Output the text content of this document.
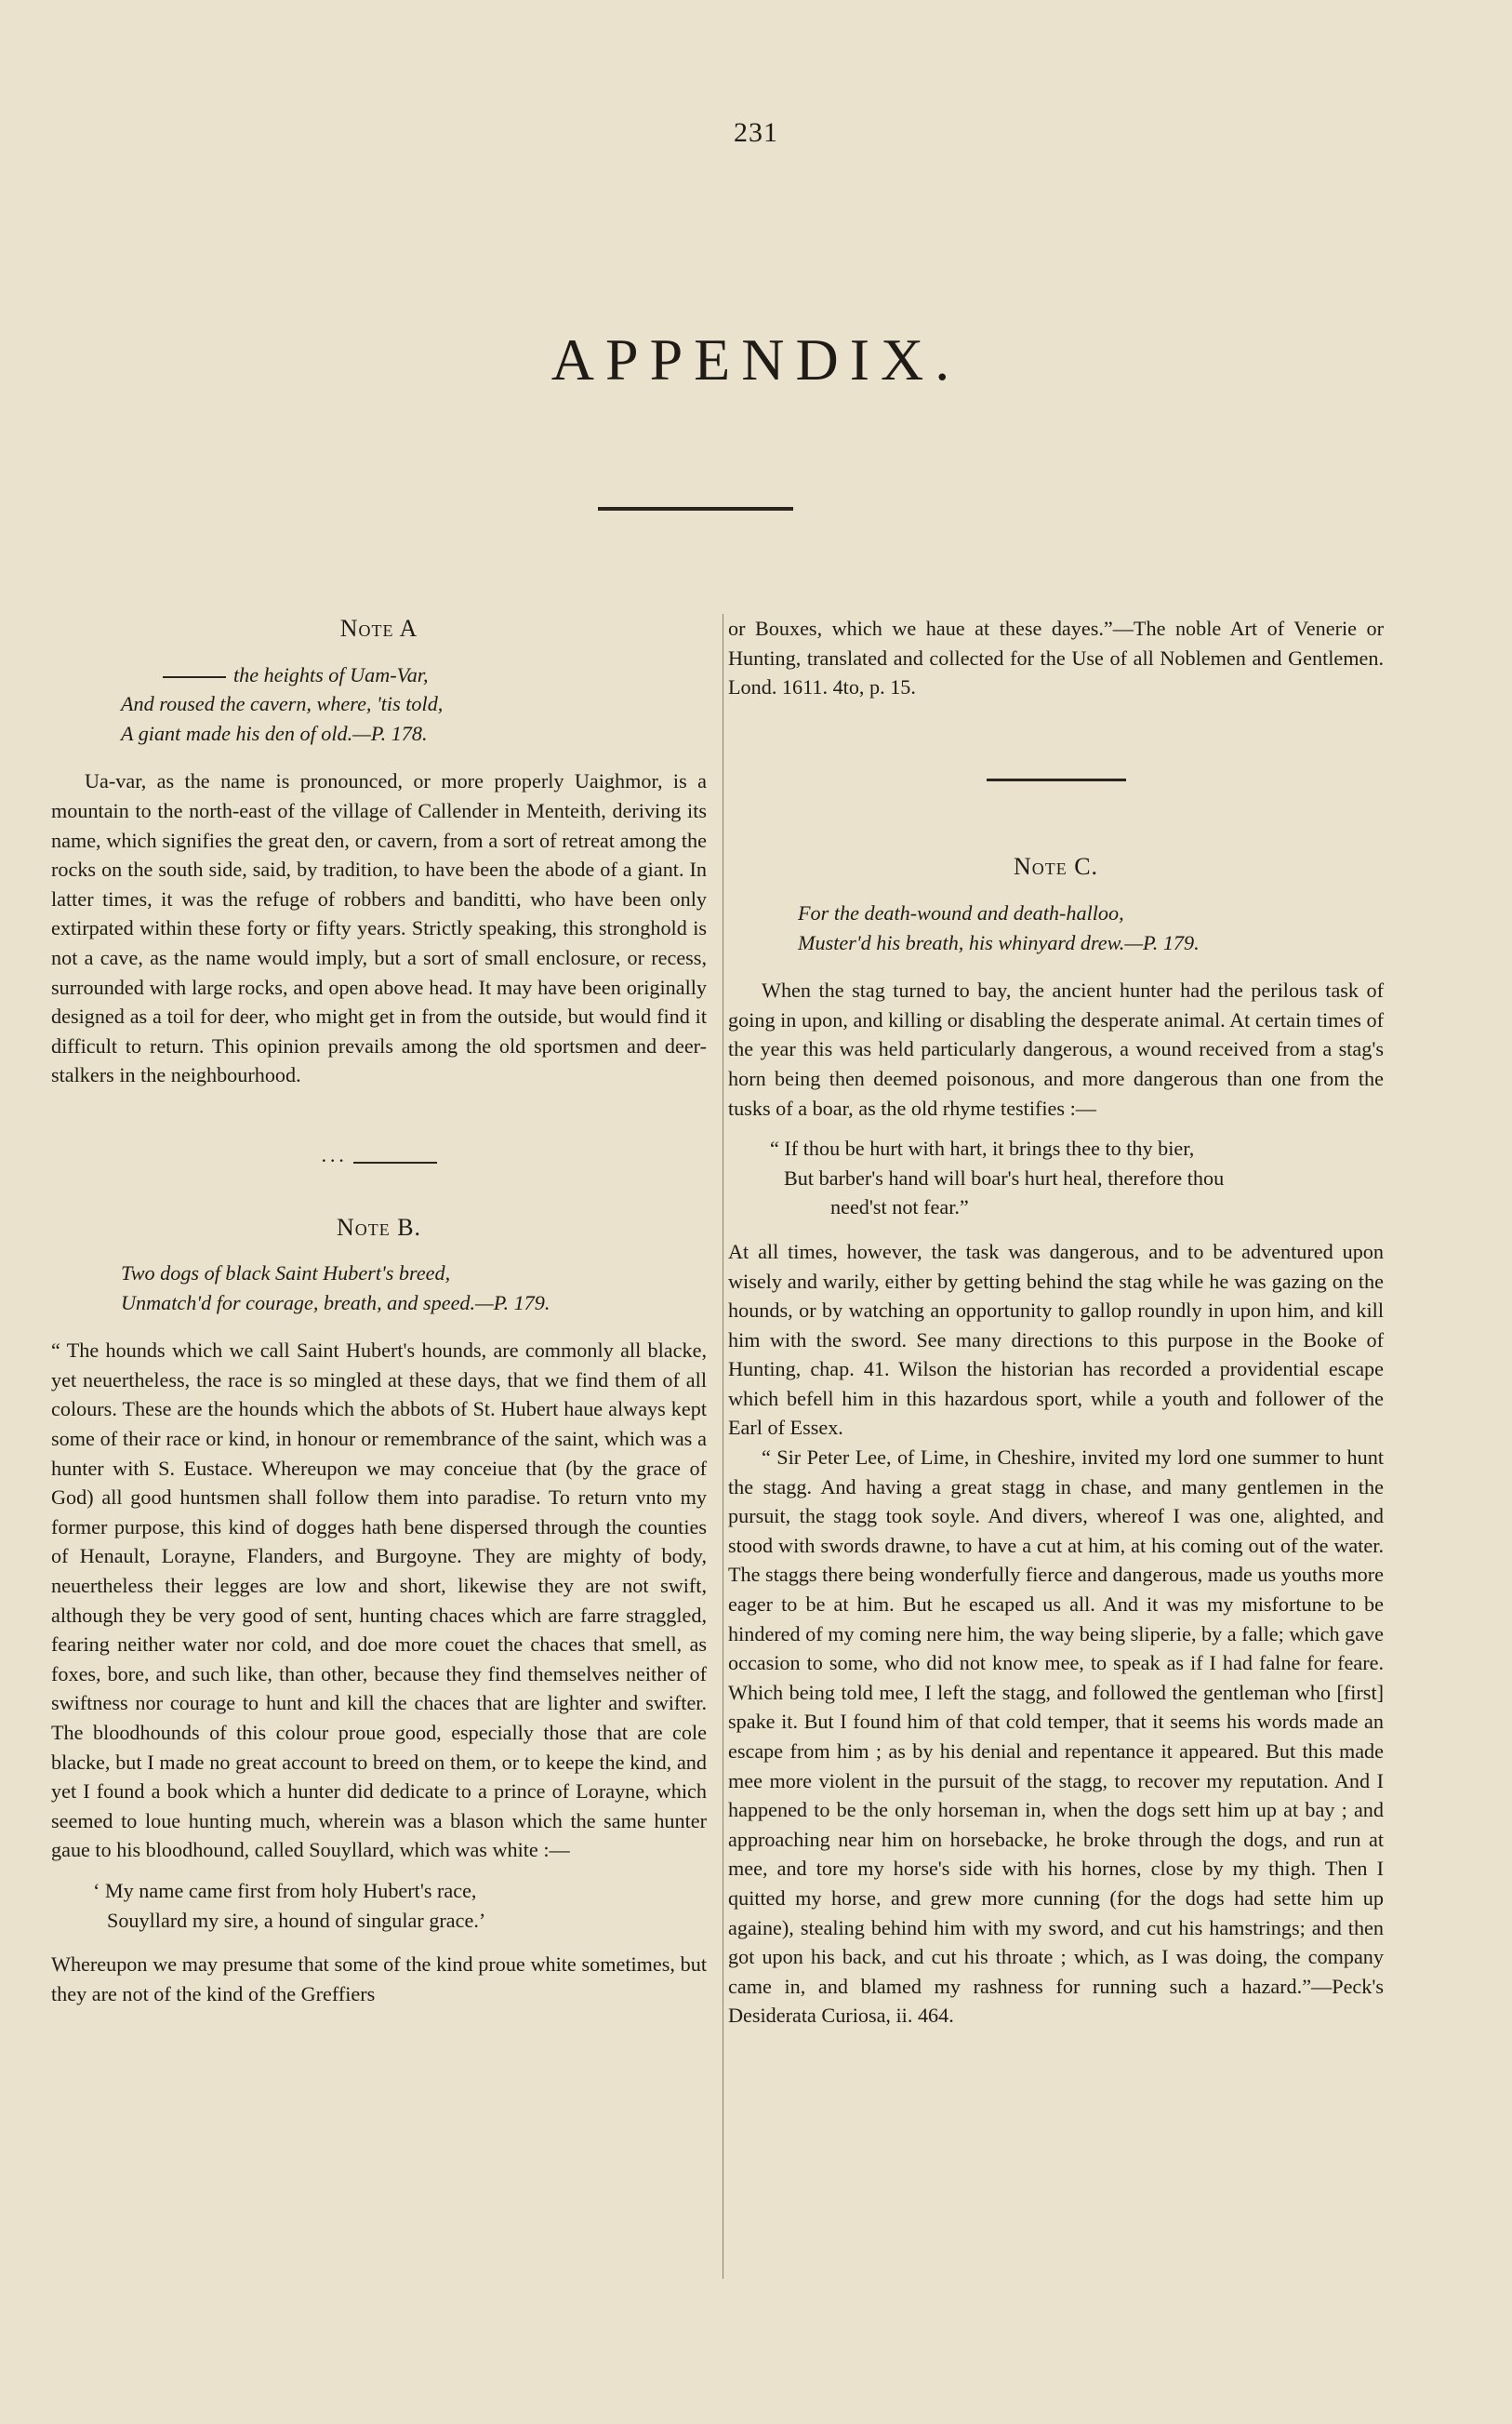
231
APPENDIX.
Note A
the heights of Uam-Var,
And roused the cavern, where, 'tis told,
A giant made his den of old.—P. 178.

Ua-var, as the name is pronounced, or more properly Uaighmor, is a mountain to the north-east of the village of Callender in Menteith, deriving its name, which signifies the great den, or cavern, from a sort of retreat among the rocks on the south side, said, by tradition, to have been the abode of a giant. In latter times, it was the refuge of robbers and banditti, who have been only extirpated within these forty or fifty years. Strictly speaking, this stronghold is not a cave, as the name would imply, but a sort of small enclosure, or recess, surrounded with large rocks, and open above head. It may have been originally designed as a toil for deer, who might get in from the outside, but would find it difficult to return. This opinion prevails among the old sportsmen and deer-stalkers in the neighbourhood.

···
Note B.
Two dogs of black Saint Hubert's breed,
Unmatch'd for courage, breath, and speed.—P. 179.

“ The hounds which we call Saint Hubert's hounds, are commonly all blacke, yet neuertheless, the race is so mingled at these days, that we find them of all colours. These are the hounds which the abbots of St. Hubert haue always kept some of their race or kind, in honour or remembrance of the saint, which was a hunter with S. Eustace. Whereupon we may conceiue that (by the grace of God) all good huntsmen shall follow them into paradise. To return vnto my former purpose, this kind of dogges hath bene dispersed through the counties of Henault, Lorayne, Flanders, and Burgoyne. They are mighty of body, neuertheless their legges are low and short, likewise they are not swift, although they be very good of sent, hunting chaces which are farre straggled, fearing neither water nor cold, and doe more couet the chaces that smell, as foxes, bore, and such like, than other, because they find themselves neither of swiftness nor courage to hunt and kill the chaces that are lighter and swifter. The bloodhounds of this colour proue good, especially those that are cole blacke, but I made no great account to breed on them, or to keepe the kind, and yet I found a book which a hunter did dedicate to a prince of Lorayne, which seemed to loue hunting much, wherein was a blason which the same hunter gaue to his bloodhound, called Souyllard, which was white :—

‘ My name came first from holy Hubert's race,
Souyllard my sire, a hound of singular grace.’

Whereupon we may presume that some of the kind proue white sometimes, but they are not of the kind of the Greffiers

or Bouxes, which we haue at these dayes.”—The noble Art of Venerie or Hunting, translated and collected for the Use of all Noblemen and Gentlemen. Lond. 1611. 4to, p. 15.

Note C.
For the death-wound and death-halloo,
Muster'd his breath, his whinyard drew.—P. 179.

When the stag turned to bay, the ancient hunter had the perilous task of going in upon, and killing or disabling the desperate animal. At certain times of the year this was held particularly dangerous, a wound received from a stag's horn being then deemed poisonous, and more dangerous than one from the tusks of a boar, as the old rhyme testifies :—

“ If thou be hurt with hart, it brings thee to thy bier,
But barber's hand will boar's hurt heal, therefore thou
need'st not fear.”

At all times, however, the task was dangerous, and to be adventured upon wisely and warily, either by getting behind the stag while he was gazing on the hounds, or by watching an opportunity to gallop roundly in upon him, and kill him with the sword. See many directions to this purpose in the Booke of Hunting, chap. 41. Wilson the historian has recorded a providential escape which befell him in this hazardous sport, while a youth and follower of the Earl of Essex.

“ Sir Peter Lee, of Lime, in Cheshire, invited my lord one summer to hunt the stagg. And having a great stagg in chase, and many gentlemen in the pursuit, the stagg took soyle. And divers, whereof I was one, alighted, and stood with swords drawne, to have a cut at him, at his coming out of the water. The staggs there being wonderfully fierce and dangerous, made us youths more eager to be at him. But he escaped us all. And it was my misfortune to be hindered of my coming nere him, the way being sliperie, by a falle; which gave occasion to some, who did not know mee, to speak as if I had falne for feare. Which being told mee, I left the stagg, and followed the gentleman who [first] spake it. But I found him of that cold temper, that it seems his words made an escape from him ; as by his denial and repentance it appeared. But this made mee more violent in the pursuit of the stagg, to recover my reputation. And I happened to be the only horseman in, when the dogs sett him up at bay ; and approaching near him on horsebacke, he broke through the dogs, and run at mee, and tore my horse's side with his hornes, close by my thigh. Then I quitted my horse, and grew more cunning (for the dogs had sette him up againe), stealing behind him with my sword, and cut his hamstrings; and then got upon his back, and cut his throate ; which, as I was doing, the company came in, and blamed my rashness for running such a hazard.”—Peck's Desiderata Curiosa, ii. 464.
